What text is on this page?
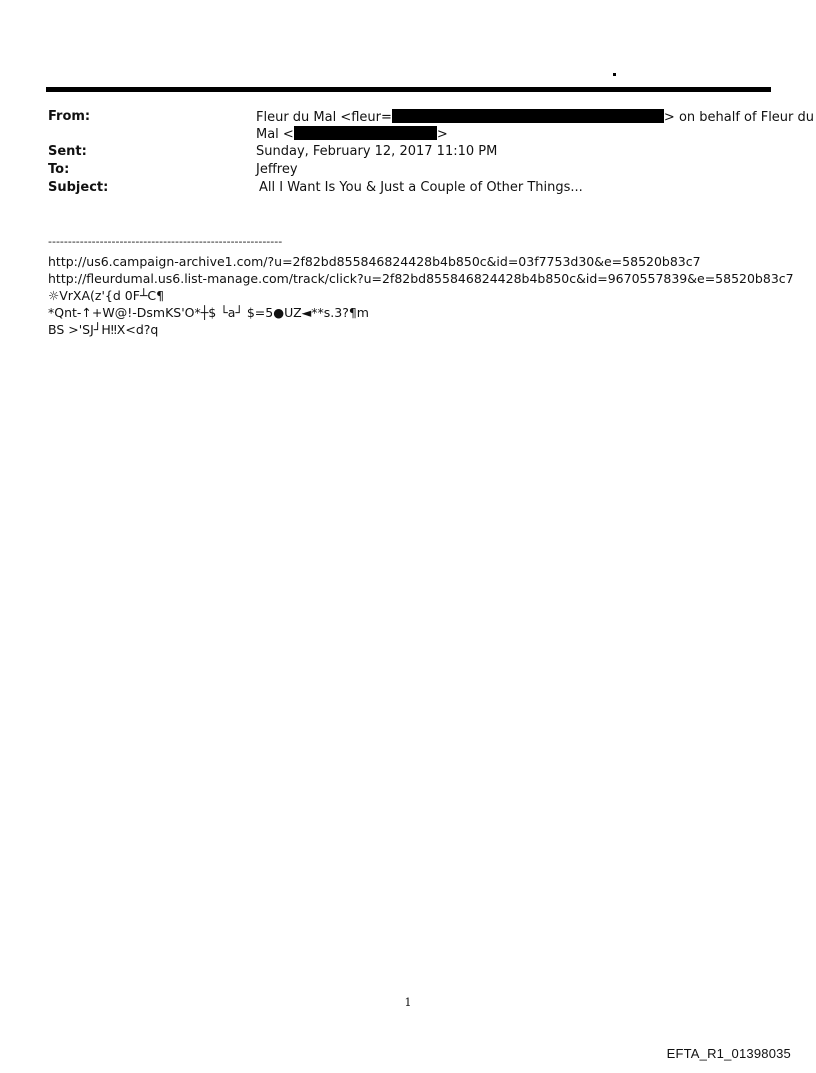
From:	Fleur du Mal <fleur=	> on behalf of Fleur du
Mal <	>
Sent:	Sunday, February 12, 2017 11:10 PM
To:	Jeffrey
Subject:	All I Want Is You & Just a Couple of Other Things...
-----------------------------------------------------------
http://us6.campaign-archive1.com/?u=2f82bd855846824428b4b850c&id=03f7753d30&e=58520b83c7
http://fleurdumal.us6.list-manage.com/track/click?u=2f82bd855846824428b4b850c&id=9670557839&e=58520b83c7
☼VrXA(z'{d 0F┴C¶
*Qnt-↑+W@!-DsmKS'O*┼$ └a┘ $=5●UZ◄**s.3?¶m
BS >'SJ┘H‼X<d?q
1
EFTA_R1_01398035
